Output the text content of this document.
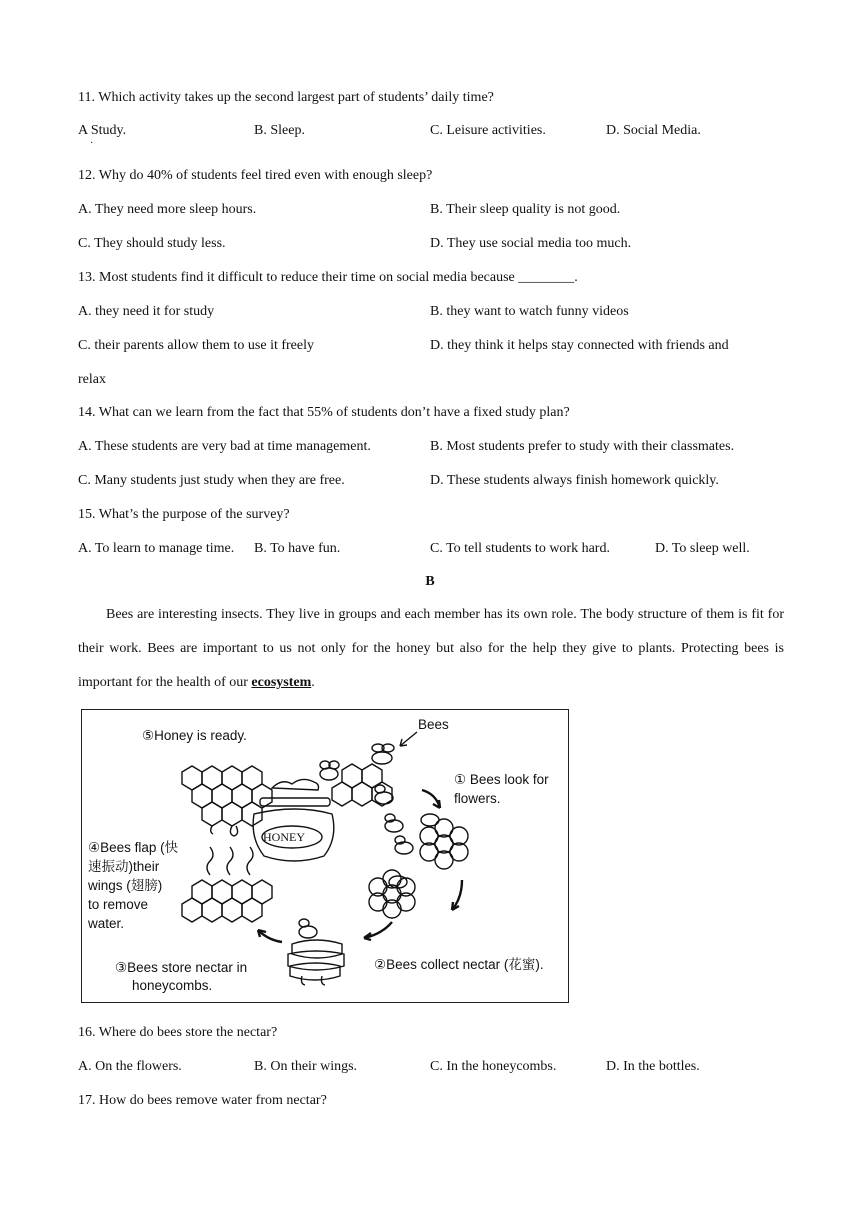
11. Which activity takes up the second largest part of students’ daily time?
A Study.
·
B. Sleep.	C. Leisure activities.	D. Social Media.
12. Why do 40% of students feel tired even with enough sleep?
A. They need more sleep hours.	B. Their sleep quality is not good.
C. They should study less.	D. They use social media too much.
13. Most students find it difficult to reduce their time on social media because ________.
A. they need it for study	B. they want to watch funny videos
C. their parents allow them to use it freely	D. they think it helps stay connected with friends and
relax
14. What can we learn from the fact that 55% of students don’t have a fixed study plan?
A. These students are very bad at time management.	B. Most students prefer to study with their classmates.
C. Many students just study when they are free.	D. These students always finish homework quickly.
15. What’s the purpose of the survey?
A. To learn to manage time. B. To have fun.	C. To tell students to work hard.	D. To sleep well.
B
Bees are interesting insects. They live in groups and each member has its own role. The body structure of them is fit for their work. Bees are important to us not only for the honey but also for the help they give to plants. Protecting bees is important for the health of our ecosystem.
⑤Honey is ready.
Bees
① Bees look for
flowers.
HONEY
④Bees flap (快
速振动)their
wings (翅膀)
to remove
water.
③Bees store nectar in
honeycombs.
②Bees collect nectar (花蜜).
16. Where do bees store the nectar?
A. On the flowers.	B. On their wings.	C. In the honeycombs.	D. In the bottles.
17. How do bees remove water from nectar?
